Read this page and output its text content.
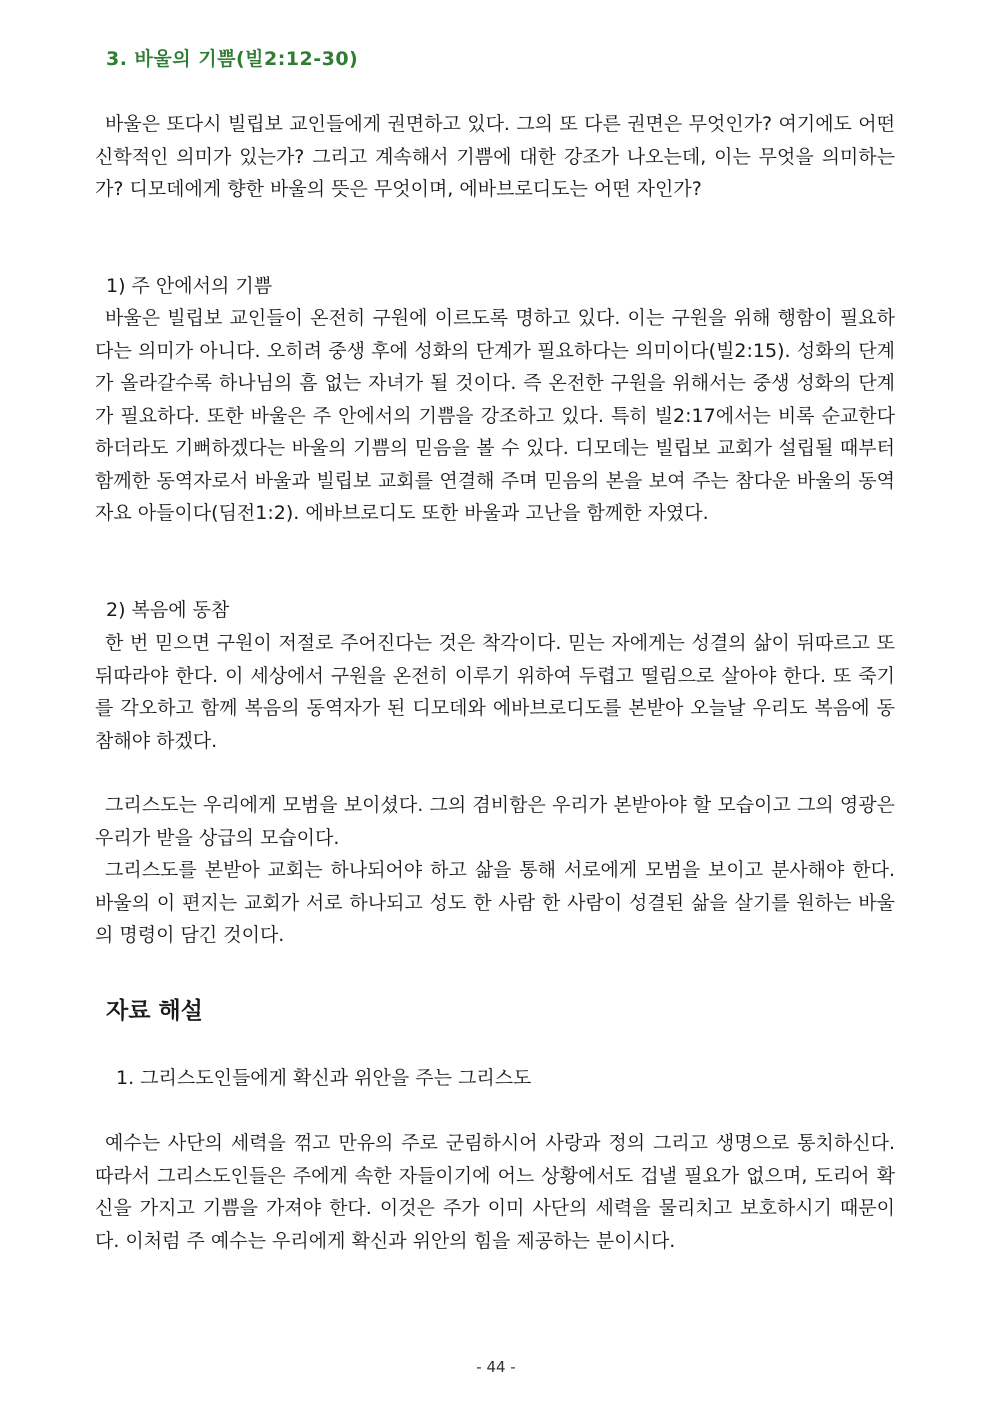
3. 바울의 기쁨(빌2:12-30)

바울은 또다시 빌립보 교인들에게 권면하고 있다. 그의 또 다른 권면은 무엇인가? 여기에도 어떤 신학적인 의미가 있는가? 그리고 계속해서 기쁨에 대한 강조가 나오는데, 이는 무엇을 의미하는가? 디모데에게 향한 바울의 뜻은 무엇이며, 에바브로디도는 어떤 자인가?

1) 주 안에서의 기쁨

바울은 빌립보 교인들이 온전히 구원에 이르도록 명하고 있다. 이는 구원을 위해 행함이 필요하다는 의미가 아니다. 오히려 중생 후에 성화의 단계가 필요하다는 의미이다(빌2:15). 성화의 단계가 올라갈수록 하나님의 흠 없는 자녀가 될 것이다. 즉 온전한 구원을 위해서는 중생 성화의 단계가 필요하다. 또한 바울은 주 안에서의 기쁨을 강조하고 있다. 특히 빌2:17에서는 비록 순교한다 하더라도 기뻐하겠다는 바울의 기쁨의 믿음을 볼 수 있다. 디모데는 빌립보 교회가 설립될 때부터 함께한 동역자로서 바울과 빌립보 교회를 연결해 주며 믿음의 본을 보여 주는 참다운 바울의 동역자요 아들이다(딤전1:2). 에바브로디도 또한 바울과 고난을 함께한 자였다.

2) 복음에 동참

한 번 믿으면 구원이 저절로 주어진다는 것은 착각이다. 믿는 자에게는 성결의 삶이 뒤따르고 또 뒤따라야 한다. 이 세상에서 구원을 온전히 이루기 위하여 두렵고 떨림으로 살아야 한다. 또 죽기를 각오하고 함께 복음의 동역자가 된 디모데와 에바브로디도를 본받아 오늘날 우리도 복음에 동참해야 하겠다.

그리스도는 우리에게 모범을 보이셨다. 그의 겸비함은 우리가 본받아야 할 모습이고 그의 영광은 우리가 받을 상급의 모습이다.

그리스도를 본받아 교회는 하나되어야 하고 삶을 통해 서로에게 모범을 보이고 분사해야 한다. 바울의 이 편지는 교회가 서로 하나되고 성도 한 사람 한 사람이 성결된 삶을 살기를 원하는 바울의 명령이 담긴 것이다.

자료 해설
1. 그리스도인들에게 확신과 위안을 주는 그리스도

예수는 사단의 세력을 꺾고 만유의 주로 군림하시어 사랑과 정의 그리고 생명으로 통치하신다. 따라서 그리스도인들은 주에게 속한 자들이기에 어느 상황에서도 겁낼 필요가 없으며, 도리어 확신을 가지고 기쁨을 가져야 한다. 이것은 주가 이미 사단의 세력을 물리치고 보호하시기 때문이다. 이처럼 주 예수는 우리에게 확신과 위안의 힘을 제공하는 분이시다.

- 44 -
